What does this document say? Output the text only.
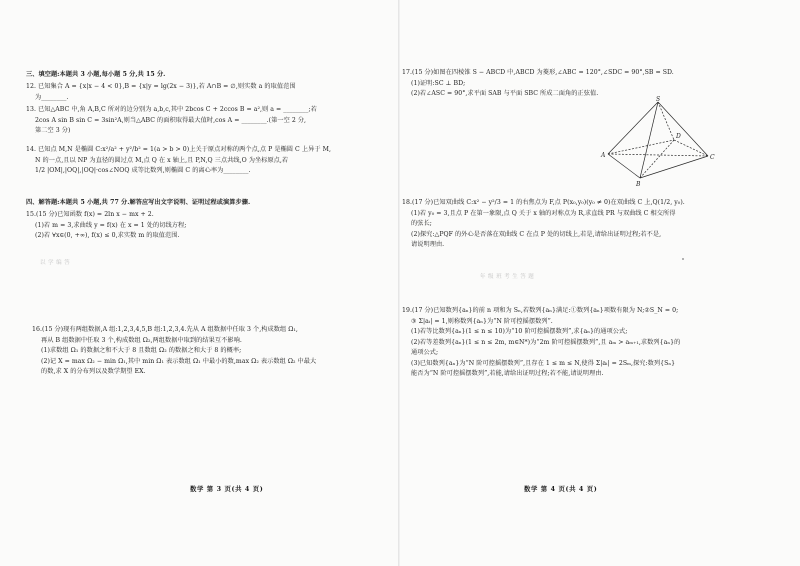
三、填空题:本题共 3 小题,每小题 5 分,共 15 分.

12. 已知集合 A = {x|x − 4 < 0},B = {x|y = lg(2x − 3)},若 A∩B = ∅,则实数 a 的取值范围

为________.

13. 已知△ABC 中,角 A,B,C 所对的边分别为 a,b,c,其中 2bcos C + 2ccos B = a²,则 a = ________;若

2cos A sin B sin C = 3sin²A,则当△ABC 的面积取得最大值时,cos A = ________.(第一空 2 分,

第二空 3 分)

14. 已知点 M,N 是椭圆 C:x²/a² + y²/b² = 1(a > b > 0)上关于原点对称的两个点,点 P 是椭圆 C 上异于 M,

N 的一点,且以 NP 为直径的圆过点 M,点 Q 在 x 轴上,且 P,N,Q 三点共线,O 为坐标原点,若

1/2 |OM|,|OQ|,|OQ|·cos∠NOQ 成等比数列,则椭圆 C 的离心率为________.

四、解答题:本题共 5 小题,共 77 分.解答应写出文字说明、证明过程或演算步骤.

15.(15 分)已知函数 f(x) = 2ln x − mx + 2.

(1)若 m = 3,求曲线 y = f(x) 在 x = 1 处的切线方程;

(2)若 ∀x∈(0, +∞), f(x) ≤ 0,求实数 m 的取值范围.

以 学 编 答

16.(15 分)现有两组数据,A 组:1,2,3,4,5,B 组:1,2,3,4.先从 A 组数据中任取 3 个,构成数组 Ω₁,

再从 B 组数据中任取 3 个,构成数组 Ω₂,两组数据中取到的结果互不影响.

(1)求数组 Ω₁ 的数据之和不大于 8 且数组 Ω₂ 的数据之和大于 8 的概率;

(2)记 X = max Ω₂ − min Ω₁,其中 min Ω₁ 表示数组 Ω₁ 中最小的数,max Ω₂ 表示数组 Ω₂ 中最大

的数,求 X 的分布列以及数学期望 EX.

数学 第 3 页(共 4 页)

17.(15 分)如图在四棱锥 S − ABCD 中,ABCD 为菱形,∠ABC = 120°,∠SDC = 90°,SB = SD.

(1)证明:SC ⊥ BD;

(2)若∠ASC = 90°,求平面 SAB 与平面 SBC 所成二面角的正弦值.

S
A
B
C
D

18.(17 分)已知双曲线 C:x² − y²/3 = 1 的右焦点为 F,点 P(x₀,y₀)(y₀ ≠ 0)在双曲线 C 上,Q(1/2, y₀).

(1)若 y₀ = 3,且点 P 在第一象限,点 Q 关于 x 轴的对称点为 R,求直线 PR 与双曲线 C 相交所得

的弦长;

(2)探究:△PQF 的外心是否落在双曲线 C 在点 P 处的切线上,若是,请给出证明过程;若不是,

请说明理由.

年 级 班 考 生 答 题

19.(17 分)已知数列{aₙ}的前 n 项和为 Sₙ,若数列{aₙ}满足:①数列{aₙ}项数有限为 N;②S_N = 0;

③ Σ|aᵢ| = 1,则称数列{aₙ}为“N 阶可控摇摆数列”.

(1)若等比数列{aₙ}(1 ≤ n ≤ 10)为“10 阶可控摇摆数列”,求{aₙ}的通项公式;

(2)若等差数列{aₙ}(1 ≤ n ≤ 2m, m∈N*)为“2m 阶可控摇摆数列”,且 aₘ > aₘ₊₁,求数列{aₙ}的

通项公式;

(3)已知数列{aₙ}为“N 阶可控摇摆数列”,且存在 1 ≤ m ≤ N,使得 Σ|aᵢ| = 2Sₘ,探究:数列{Sₙ}

能否为“N 阶可控摇摆数列”,若能,请给出证明过程;若不能,请说明理由.

数学 第 4 页(共 4 页)
